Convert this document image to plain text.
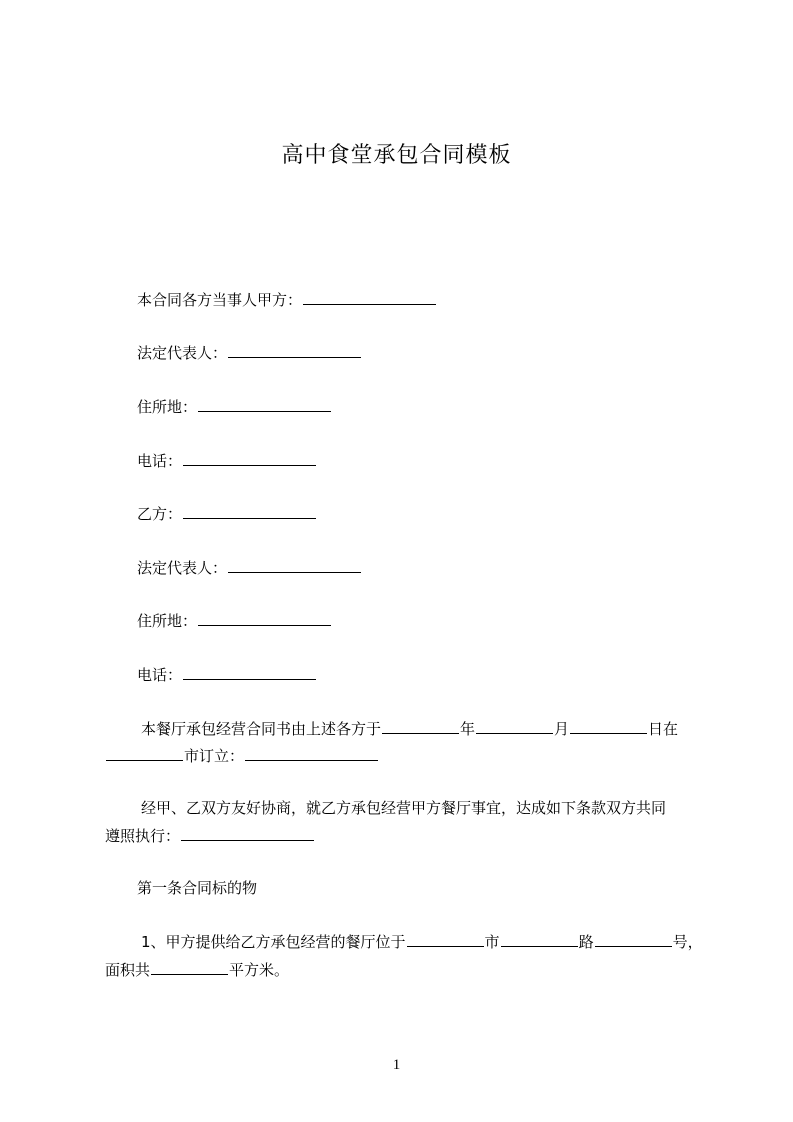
高中食堂承包合同模板
本合同各方当事人甲方：
法定代表人：
住所地：
电话：
乙方：
法定代表人：
住所地：
电话：
本餐厅承包经营合同书由上述各方于	年	月	日在
市订立：
经甲、乙双方友好协商，就乙方承包经营甲方餐厅事宜，达成如下条款双方共同
遵照执行：
第一条合同标的物
1、甲方提供给乙方承包经营的餐厅位于	市	路	号，
面积共	平方米。
1
